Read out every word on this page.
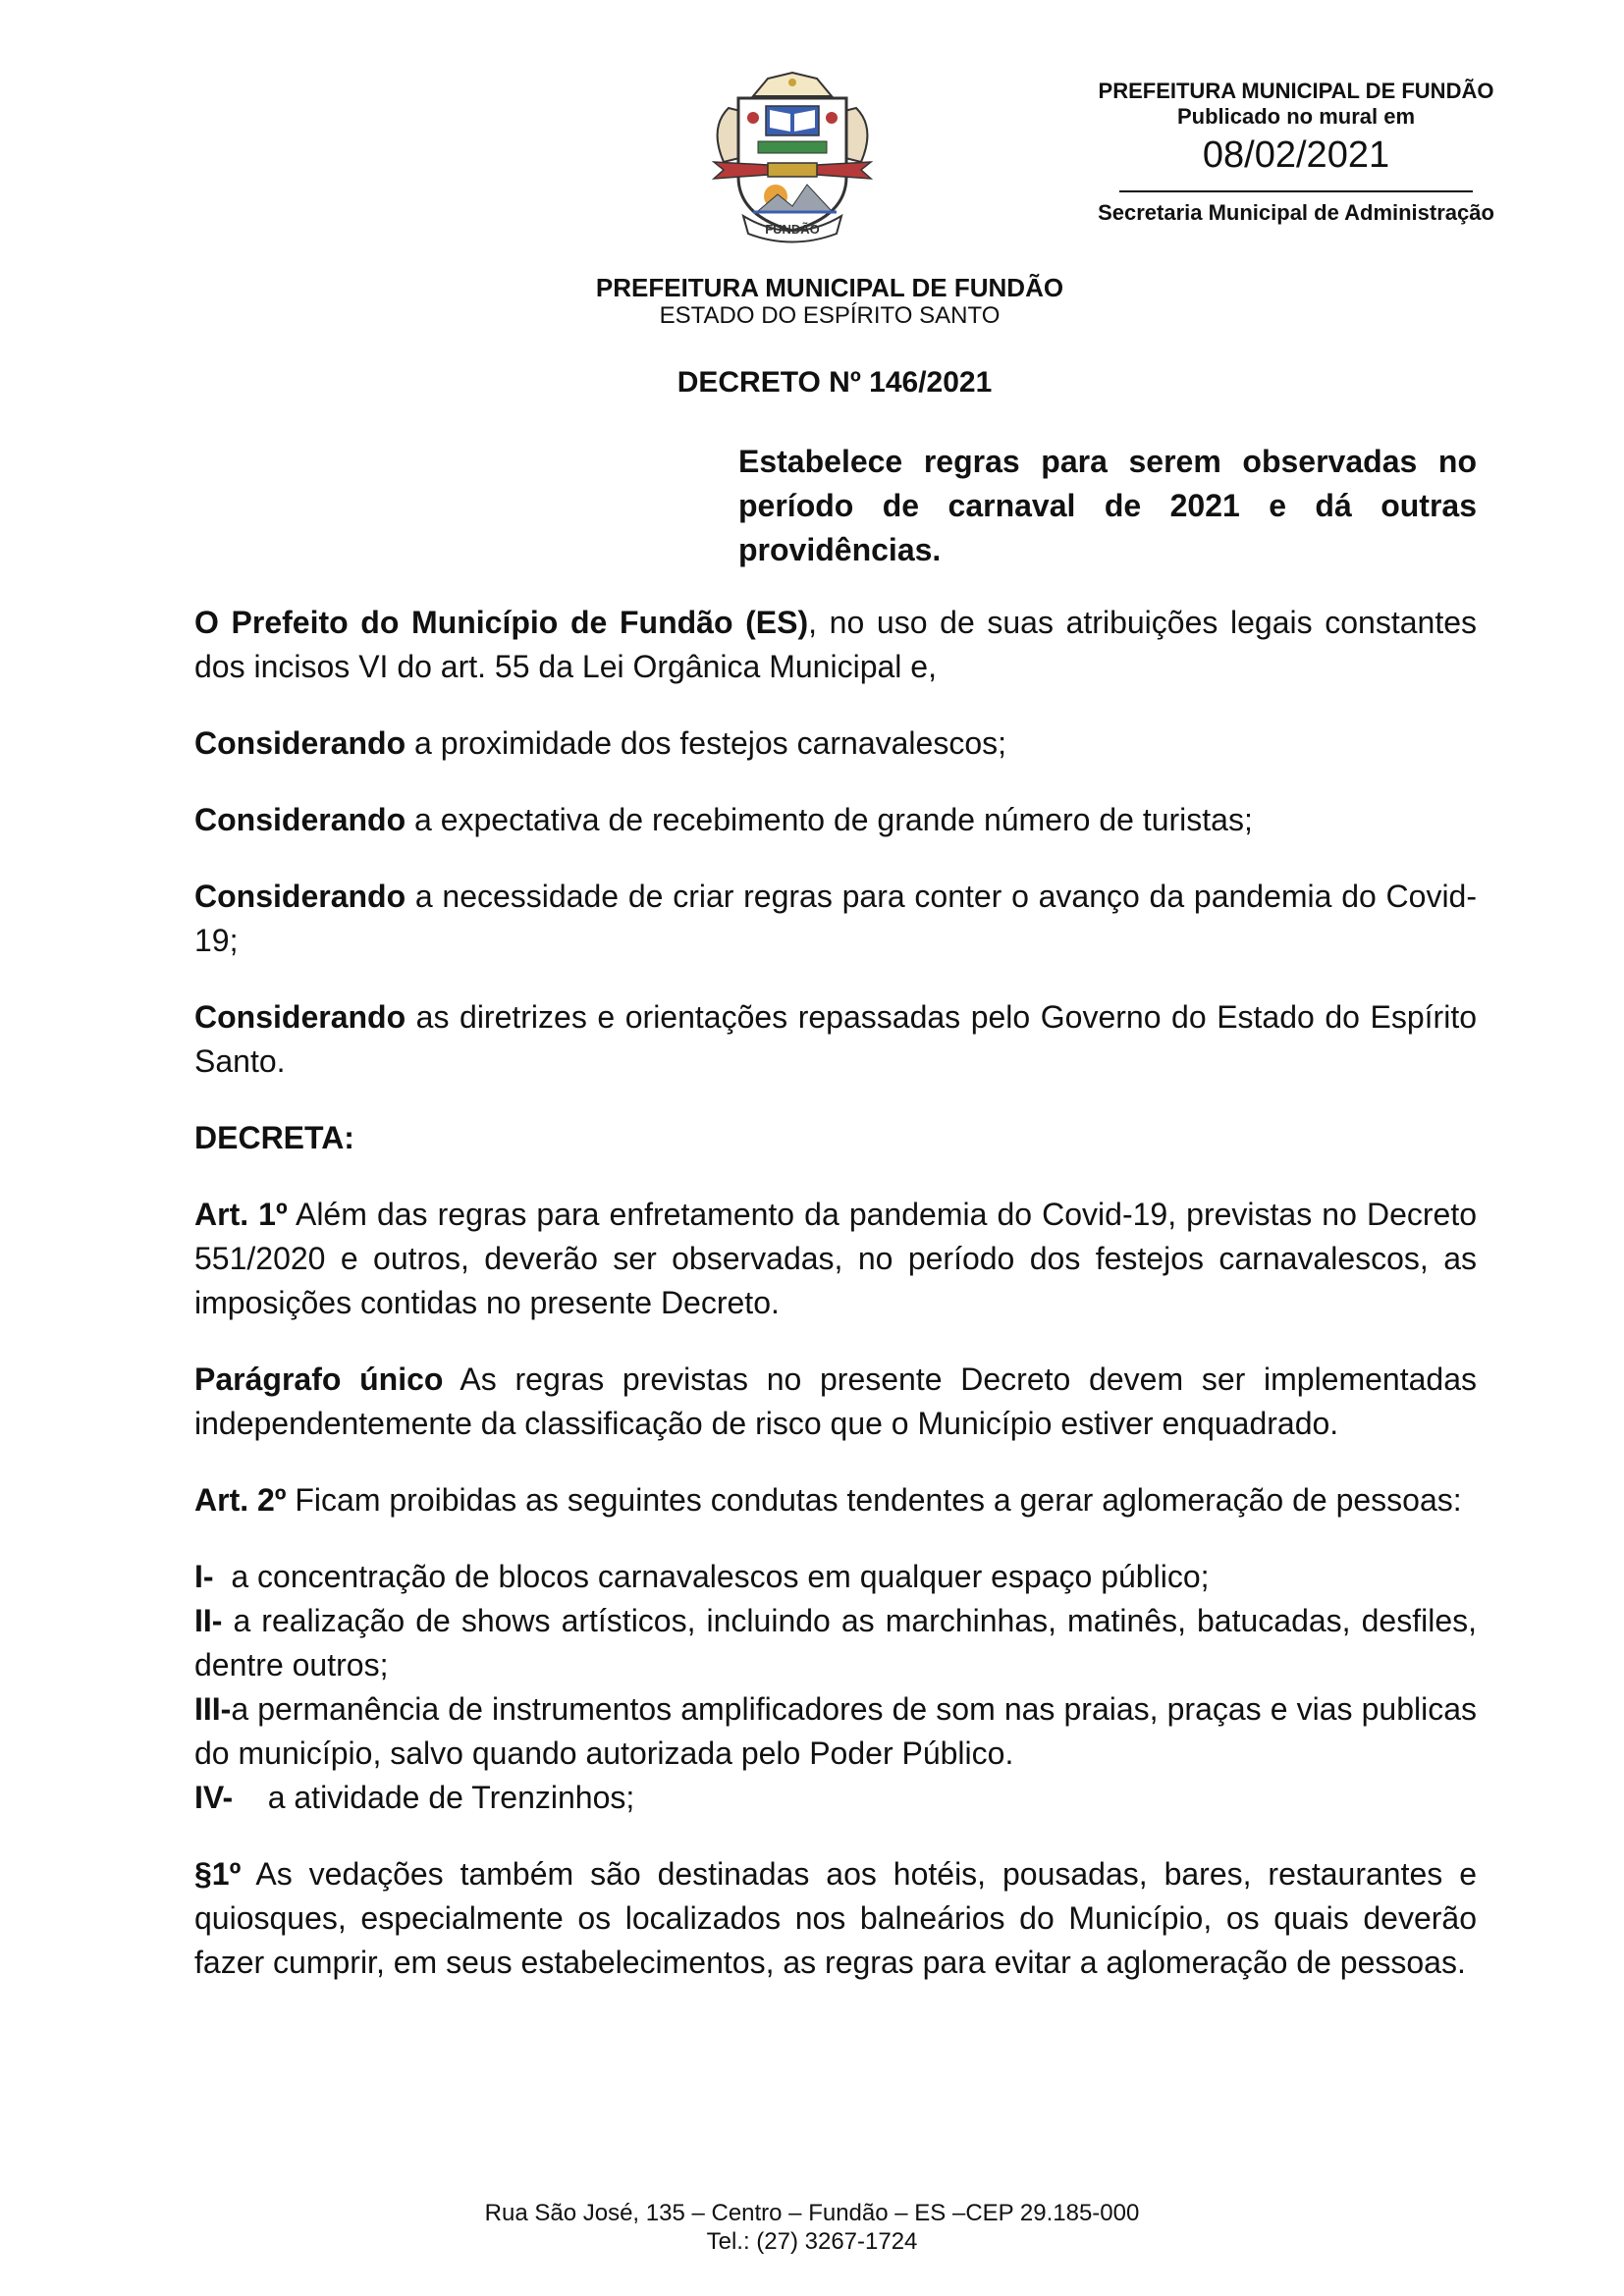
FUNDÃO
PREFEITURA MUNICIPAL DE FUNDÃO
Publicado no mural em
08/02/2021
Secretaria Municipal de Administração
PREFEITURA MUNICIPAL DE FUNDÃO
ESTADO DO ESPÍRITO SANTO
DECRETO Nº 146/2021
Estabelece regras para serem observadas no período de carnaval de 2021 e dá outras providências.

O Prefeito do Município de Fundão (ES), no uso de suas atribuições legais constantes dos incisos VI do art. 55 da Lei Orgânica Municipal e,

Considerando a proximidade dos festejos carnavalescos;

Considerando a expectativa de recebimento de grande número de turistas;

Considerando a necessidade de criar regras para conter o avanço da pandemia do Covid-19;

Considerando as diretrizes e orientações repassadas pelo Governo do Estado do Espírito Santo.

DECRETA:

Art. 1º Além das regras para enfretamento da pandemia do Covid-19, previstas no Decreto 551/2020 e outros, deverão ser observadas, no período dos festejos carnavalescos, as imposições contidas no presente Decreto.

Parágrafo único As regras previstas no presente Decreto devem ser implementadas independentemente da classificação de risco que o Município estiver enquadrado.

Art. 2º Ficam proibidas as seguintes condutas tendentes a gerar aglomeração de pessoas:

I-  a concentração de blocos carnavalescos em qualquer espaço público;

II- a realização de shows artísticos, incluindo as marchinhas, matinês, batucadas, desfiles, dentre outros;

III-a permanência de instrumentos amplificadores de som nas praias, praças e vias publicas do município, salvo quando autorizada pelo Poder Público.

IV-    a atividade de Trenzinhos;

§1º As vedações também são destinadas aos hotéis, pousadas, bares, restaurantes e quiosques, especialmente os localizados nos balneários do Município, os quais deverão fazer cumprir, em seus estabelecimentos, as regras para evitar a aglomeração de pessoas.

Rua São José, 135 – Centro – Fundão – ES –CEP 29.185-000
Tel.: (27) 3267-1724
